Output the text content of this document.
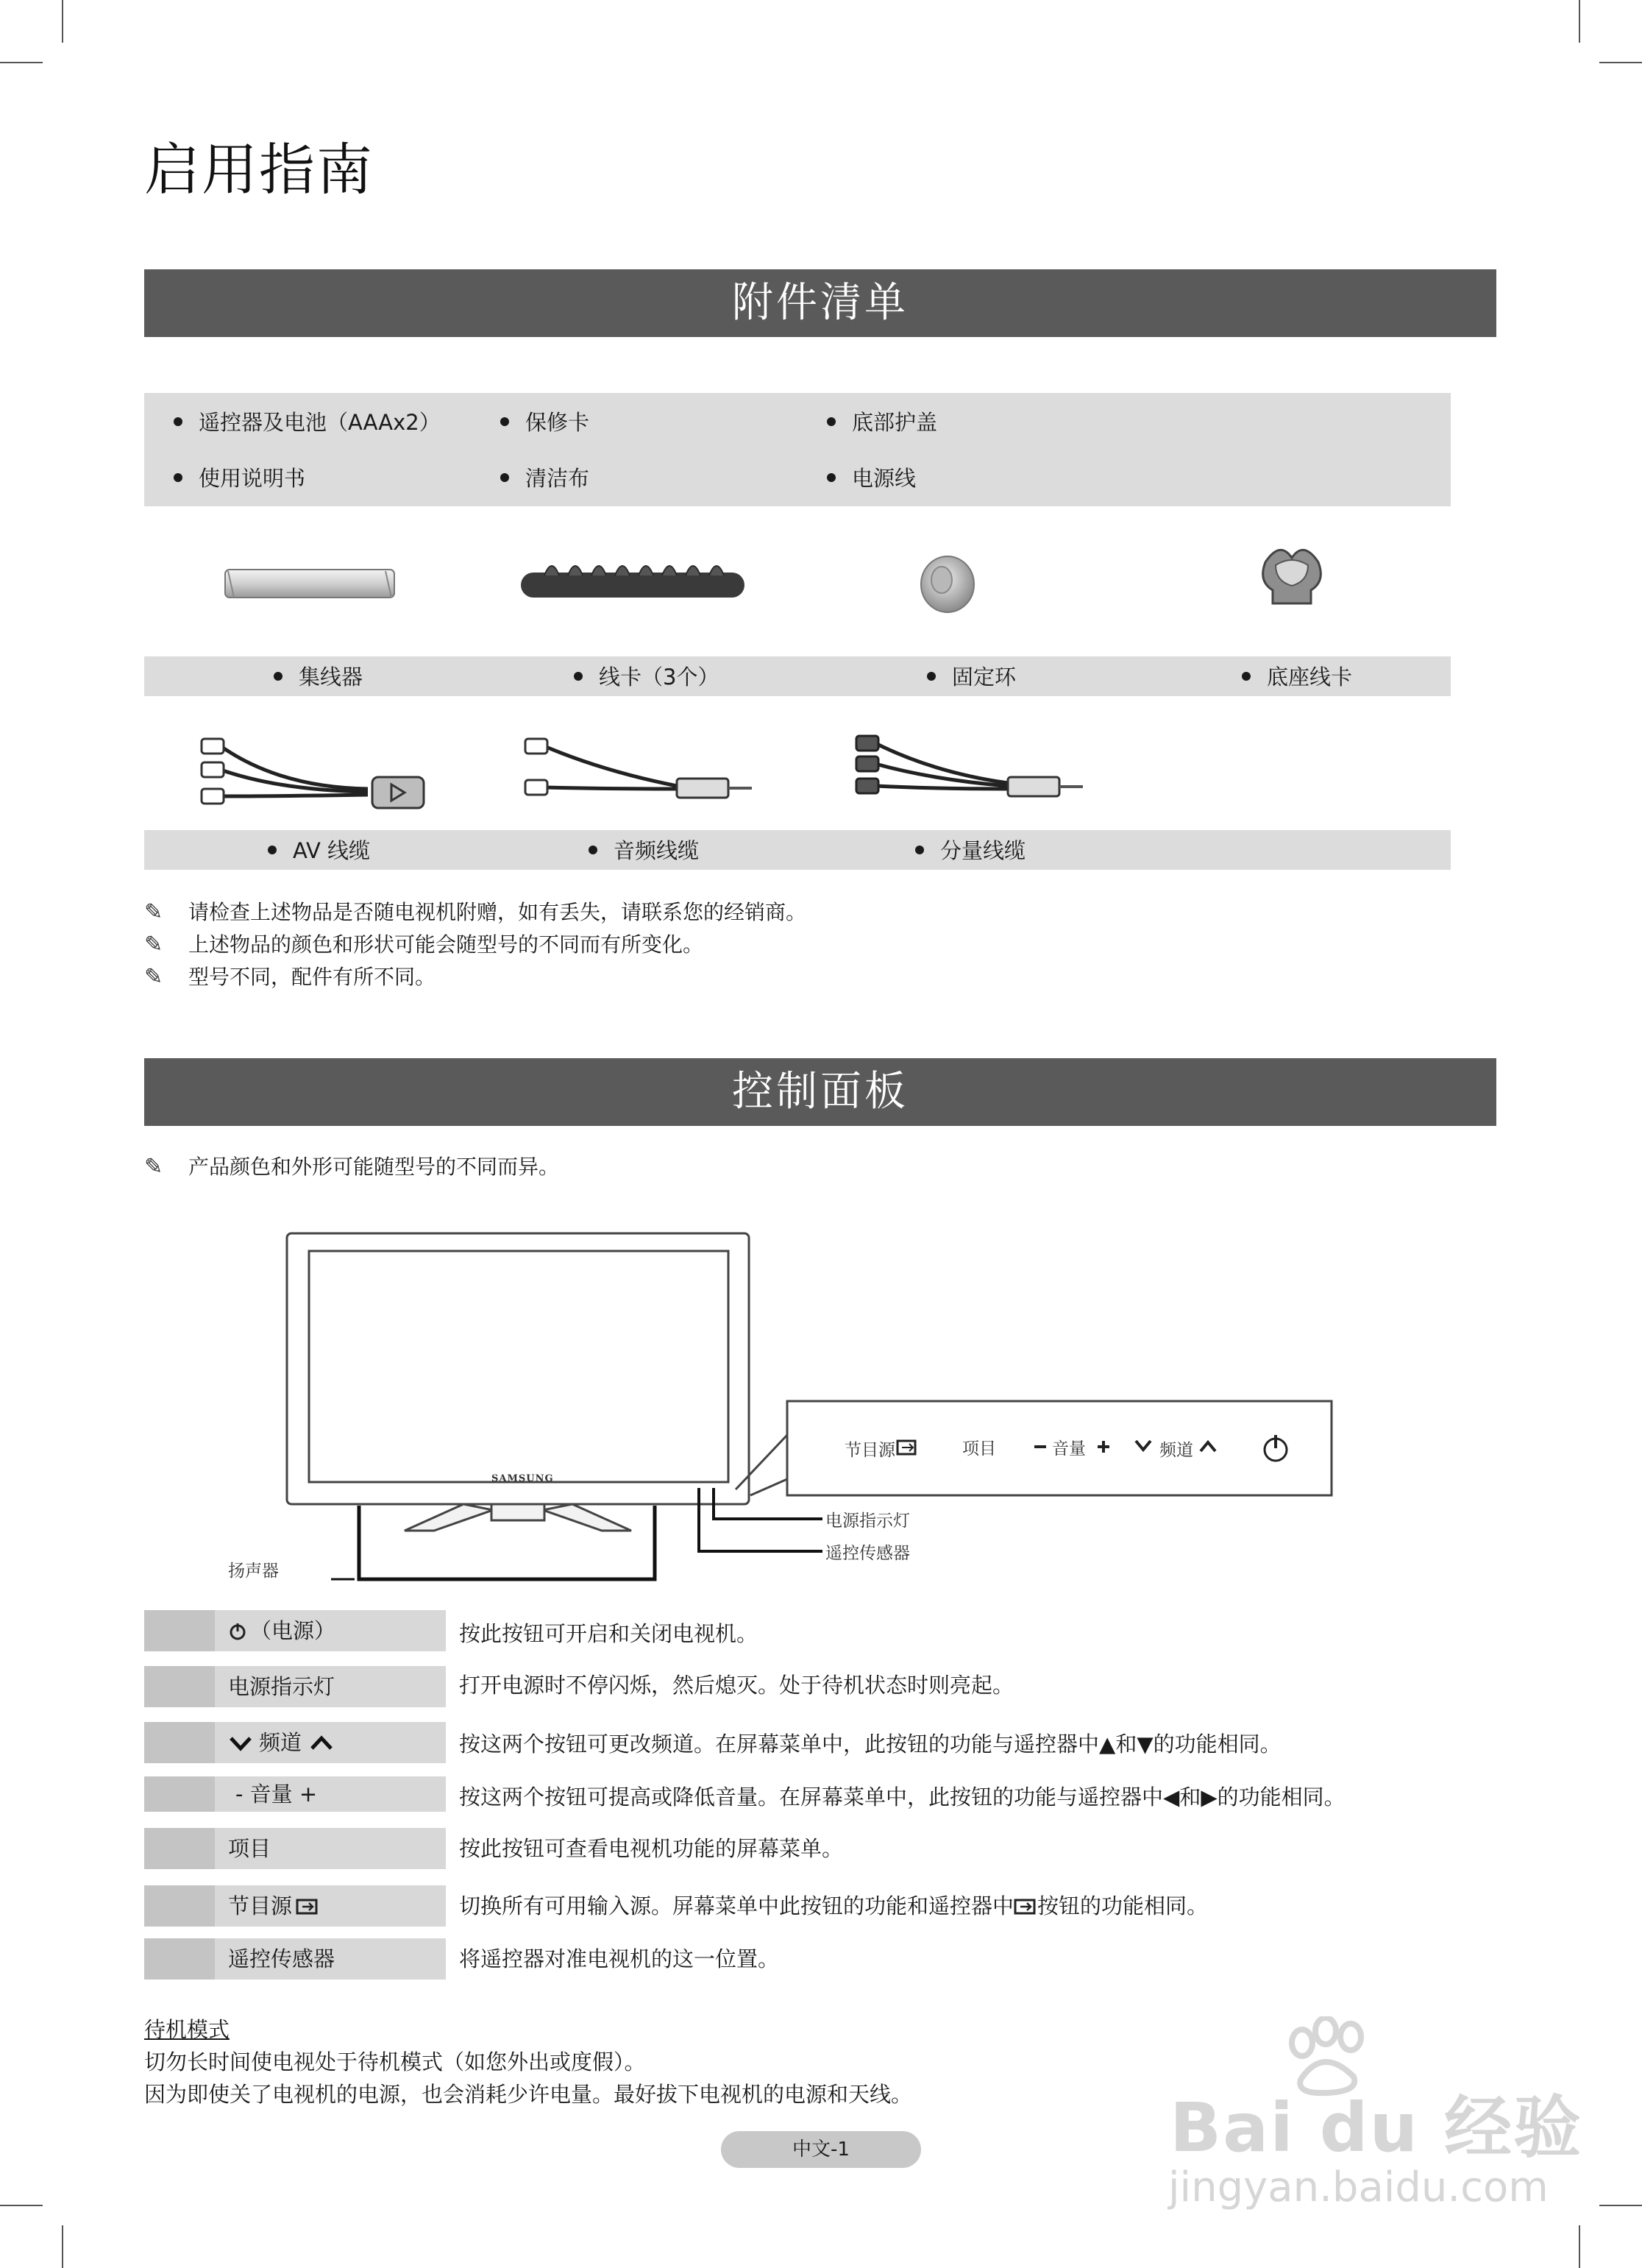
启用指南
附件清单
遥控器及电池（AAAx2）	保修卡	底部护盖
使用说明书	清洁布	电源线
集线器	线卡（3个）	固定环	底座线卡
AV 线缆	音频线缆	分量线缆
✎ 请检查上述物品是否随电视机附赠，如有丢失，请联系您的经销商。
✎ 上述物品的颜色和形状可能会随型号的不同而有所变化。
✎ 型号不同，配件有所不同。
控制面板
✎ 产品颜色和外形可能随型号的不同而异。
SAMSUNG
节目源	项目	音量	频道
电源指示灯
遥控传感器
扬声器
（电源）	按此按钮可开启和关闭电视机。
电源指示灯	打开电源时不停闪烁，然后熄灭。处于待机状态时则亮起。
频道	按这两个按钮可更改频道。在屏幕菜单中，此按钮的功能与遥控器中▲和▼的功能相同。
- 音量 +	按这两个按钮可提高或降低音量。在屏幕菜单中，此按钮的功能与遥控器中◀和▶的功能相同。
项目	按此按钮可查看电视机功能的屏幕菜单。
节目源	切换所有可用输入源。屏幕菜单中此按钮的功能和遥控器中 按钮的功能相同。
遥控传感器	将遥控器对准电视机的这一位置。
待机模式
切勿长时间使电视处于待机模式（如您外出或度假）。
因为即使关了电视机的电源，也会消耗少许电量。最好拔下电视机的电源和天线。	Bai du 经验
jingyan.baidu.com
中文-1
